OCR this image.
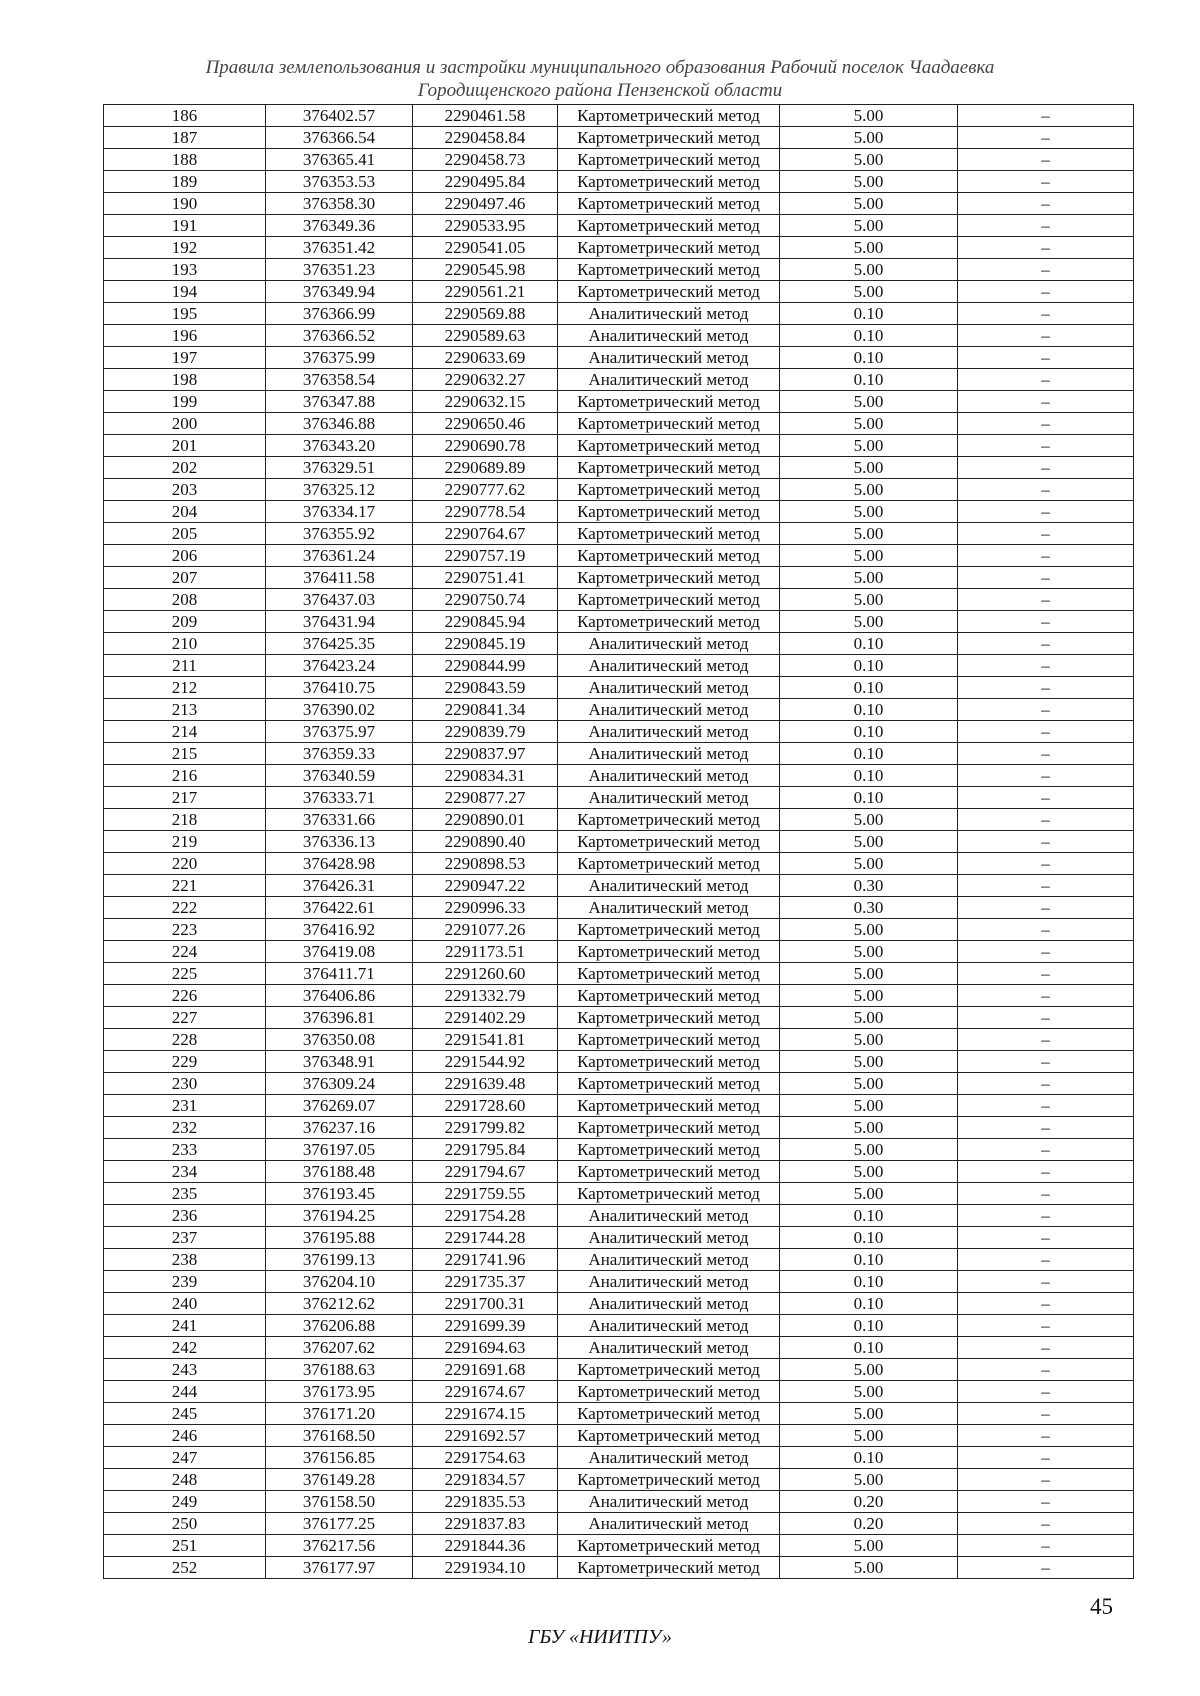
Правила землепользования и застройки муниципального образования Рабочий поселок Чаадаевка
Городищенского района Пензенской области
186	376402.57	2290461.58	Картометрический метод	5.00	–
187	376366.54	2290458.84	Картометрический метод	5.00	–
188	376365.41	2290458.73	Картометрический метод	5.00	–
189	376353.53	2290495.84	Картометрический метод	5.00	–
190	376358.30	2290497.46	Картометрический метод	5.00	–
191	376349.36	2290533.95	Картометрический метод	5.00	–
192	376351.42	2290541.05	Картометрический метод	5.00	–
193	376351.23	2290545.98	Картометрический метод	5.00	–
194	376349.94	2290561.21	Картометрический метод	5.00	–
195	376366.99	2290569.88	Аналитический метод	0.10	–
196	376366.52	2290589.63	Аналитический метод	0.10	–
197	376375.99	2290633.69	Аналитический метод	0.10	–
198	376358.54	2290632.27	Аналитический метод	0.10	–
199	376347.88	2290632.15	Картометрический метод	5.00	–
200	376346.88	2290650.46	Картометрический метод	5.00	–
201	376343.20	2290690.78	Картометрический метод	5.00	–
202	376329.51	2290689.89	Картометрический метод	5.00	–
203	376325.12	2290777.62	Картометрический метод	5.00	–
204	376334.17	2290778.54	Картометрический метод	5.00	–
205	376355.92	2290764.67	Картометрический метод	5.00	–
206	376361.24	2290757.19	Картометрический метод	5.00	–
207	376411.58	2290751.41	Картометрический метод	5.00	–
208	376437.03	2290750.74	Картометрический метод	5.00	–
209	376431.94	2290845.94	Картометрический метод	5.00	–
210	376425.35	2290845.19	Аналитический метод	0.10	–
211	376423.24	2290844.99	Аналитический метод	0.10	–
212	376410.75	2290843.59	Аналитический метод	0.10	–
213	376390.02	2290841.34	Аналитический метод	0.10	–
214	376375.97	2290839.79	Аналитический метод	0.10	–
215	376359.33	2290837.97	Аналитический метод	0.10	–
216	376340.59	2290834.31	Аналитический метод	0.10	–
217	376333.71	2290877.27	Аналитический метод	0.10	–
218	376331.66	2290890.01	Картометрический метод	5.00	–
219	376336.13	2290890.40	Картометрический метод	5.00	–
220	376428.98	2290898.53	Картометрический метод	5.00	–
221	376426.31	2290947.22	Аналитический метод	0.30	–
222	376422.61	2290996.33	Аналитический метод	0.30	–
223	376416.92	2291077.26	Картометрический метод	5.00	–
224	376419.08	2291173.51	Картометрический метод	5.00	–
225	376411.71	2291260.60	Картометрический метод	5.00	–
226	376406.86	2291332.79	Картометрический метод	5.00	–
227	376396.81	2291402.29	Картометрический метод	5.00	–
228	376350.08	2291541.81	Картометрический метод	5.00	–
229	376348.91	2291544.92	Картометрический метод	5.00	–
230	376309.24	2291639.48	Картометрический метод	5.00	–
231	376269.07	2291728.60	Картометрический метод	5.00	–
232	376237.16	2291799.82	Картометрический метод	5.00	–
233	376197.05	2291795.84	Картометрический метод	5.00	–
234	376188.48	2291794.67	Картометрический метод	5.00	–
235	376193.45	2291759.55	Картометрический метод	5.00	–
236	376194.25	2291754.28	Аналитический метод	0.10	–
237	376195.88	2291744.28	Аналитический метод	0.10	–
238	376199.13	2291741.96	Аналитический метод	0.10	–
239	376204.10	2291735.37	Аналитический метод	0.10	–
240	376212.62	2291700.31	Аналитический метод	0.10	–
241	376206.88	2291699.39	Аналитический метод	0.10	–
242	376207.62	2291694.63	Аналитический метод	0.10	–
243	376188.63	2291691.68	Картометрический метод	5.00	–
244	376173.95	2291674.67	Картометрический метод	5.00	–
245	376171.20	2291674.15	Картометрический метод	5.00	–
246	376168.50	2291692.57	Картометрический метод	5.00	–
247	376156.85	2291754.63	Аналитический метод	0.10	–
248	376149.28	2291834.57	Картометрический метод	5.00	–
249	376158.50	2291835.53	Аналитический метод	0.20	–
250	376177.25	2291837.83	Аналитический метод	0.20	–
251	376217.56	2291844.36	Картометрический метод	5.00	–
252	376177.97	2291934.10	Картометрический метод	5.00	–
45
ГБУ «НИИТПУ»
